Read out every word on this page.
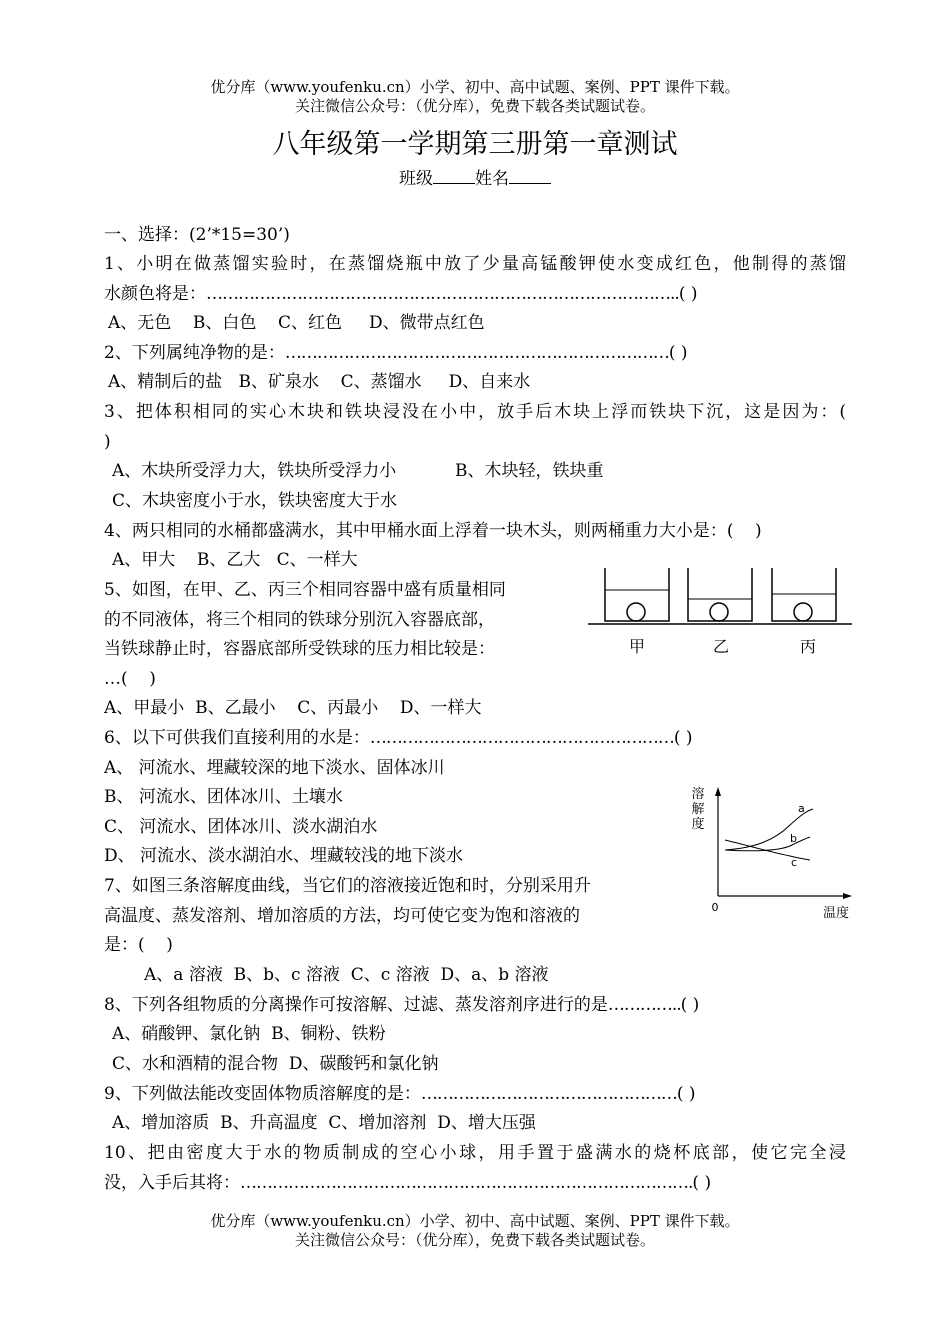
优分库（www.youfenku.cn）小学、初中、高中试题、案例、PPT 课件下载。
关注微信公众号：（优分库），免费下载各类试题试卷。
八年级第一学期第三册第一章测试
班级 姓名
一、选择：(2’*15=30’)
1、小明在做蒸馏实验时，在蒸馏烧瓶中放了少量高锰酸钾使水变成红色，他制得的蒸馏
水颜色将是：……………………………………………………………………………..( )
A、无色    B、白色    C、红色     D、微带点红色
2、下列属纯净物的是：………………………………………………………………( )
A、精制后的盐   B、矿泉水    C、蒸馏水     D、自来水
3、把体积相同的实心木块和铁块浸没在小中，放手后木块上浮而铁块下沉，这是因为：(
)
A、木块所受浮力大，铁块所受浮力小	B、木块轻，铁块重
C、木块密度小于水，铁块密度大于水
4、两只相同的水桶都盛满水，其中甲桶水面上浮着一块木头，则两桶重力大小是：(    )
A、甲大    B、乙大   C、一样大
5、如图，在甲、乙、丙三个相同容器中盛有质量相同
的不同液体，将三个相同的铁球分别沉入容器底部，
当铁球静止时，容器底部所受铁球的压力相比较是：
…(    )
A、甲最小  B、乙最小    C、丙最小    D、一样大
甲	乙	丙
6、以下可供我们直接利用的水是：…………………………………………………( )
A、 河流水、埋藏较深的地下淡水、固体冰川
B、 河流水、团体冰川、土壤水
C、 河流水、团体冰川、淡水湖泊水
D、 河流水、淡水湖泊水、埋藏较浅的地下淡水
溶解度
0	温度
a
b
c
7、如图三条溶解度曲线，当它们的溶液接近饱和时，分别采用升
高温度、蒸发溶剂、增加溶质的方法，均可使它变为饱和溶液的
是：(    )
A、a 溶液  B、b、c 溶液  C、c 溶液  D、a、b 溶液
8、下列各组物质的分离操作可按溶解、过滤、蒸发溶剂序进行的是…………..( )
A、硝酸钾、氯化钠  B、铜粉、铁粉
C、水和酒精的混合物  D、碳酸钙和氯化钠
9、下列做法能改变固体物质溶解度的是：…………………………………………( )
A、增加溶质  B、升高温度  C、增加溶剂  D、增大压强
10、把由密度大于水的物质制成的空心小球，用手置于盛满水的烧杯底部，使它完全浸
没，入手后其将：………………………………………………………………………….( )
优分库（www.youfenku.cn）小学、初中、高中试题、案例、PPT 课件下载。
关注微信公众号：（优分库），免费下载各类试题试卷。
